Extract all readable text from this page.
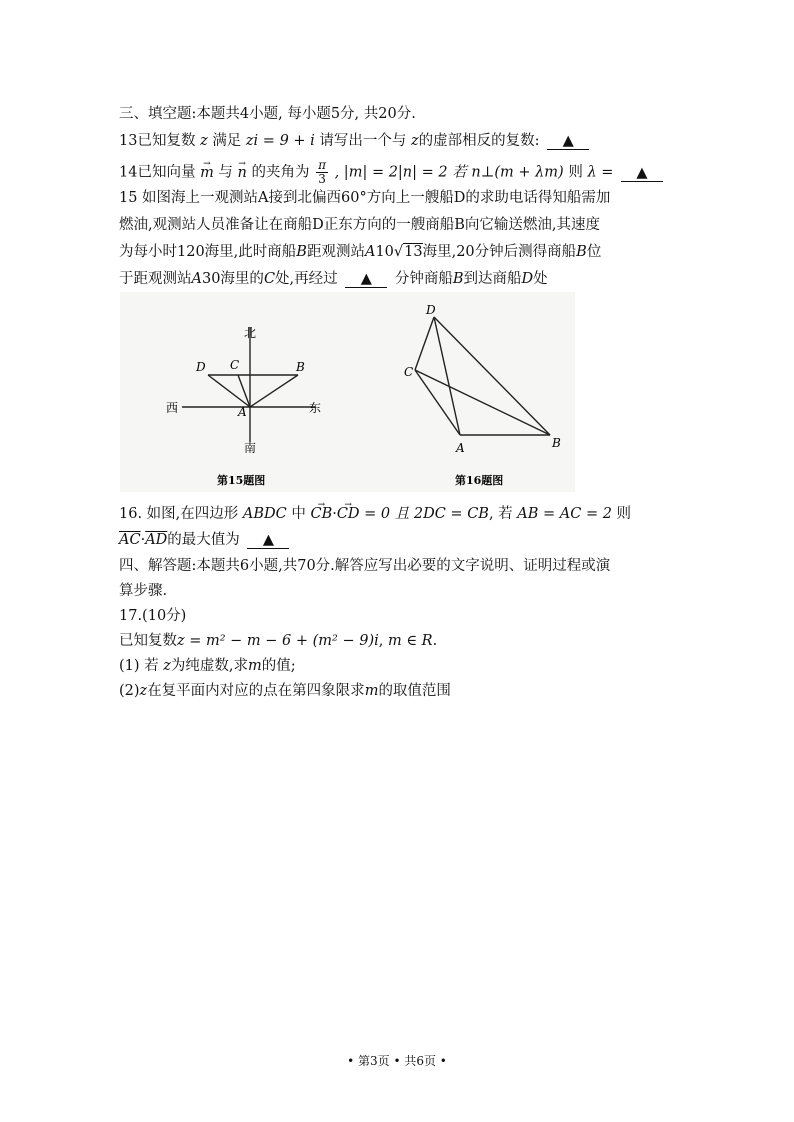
三、填空题:本题共4小题, 每小题5分, 共20分.
13已知复数 z 满足 zi = 9 + i 请写出一个与 z的虚部相反的复数: ▲
14已知向量 → m 与 → n 的夹角为 $\frac{\pi}{3}$ , |m| = 2|n| = 2 若 n⊥(m + λm) 则 λ = ▲
15 如图海上一观测站A接到北偏西60°方向上一艘船D的求助电话得知船需加
燃油,观测站人员准备让在商船D正东方向的一艘商船B向它输送燃油,其速度
为每小时120海里,此时商船B距观测站A10√13海里,20分钟后测得商船B位
于距观测站A30海里的C处,再经过 ▲ 分钟商船B到达商船D处
北
南
西	东
D C	B
A
第15题图
D
C
A	B
第16题图
16. 如图,在四边形 ABDC 中 → CB·→ CD = 0 且 2DC = CB, 若 AB = AC = 2 则
$\overline{AC}\cdot\overline{AD}$的最大值为 ▲
四、解答题:本题共6小题,共70分.解答应写出必要的文字说明、证明过程或演
算步骤.
17.(10分)
已知复数z = m² − m − 6 + (m² − 9)i, m ∈ R.
(1) 若 z为纯虚数,求m的值;
(2)z在复平面内对应的点在第四象限求m的取值范围
• 第3页 • 共6页 •
